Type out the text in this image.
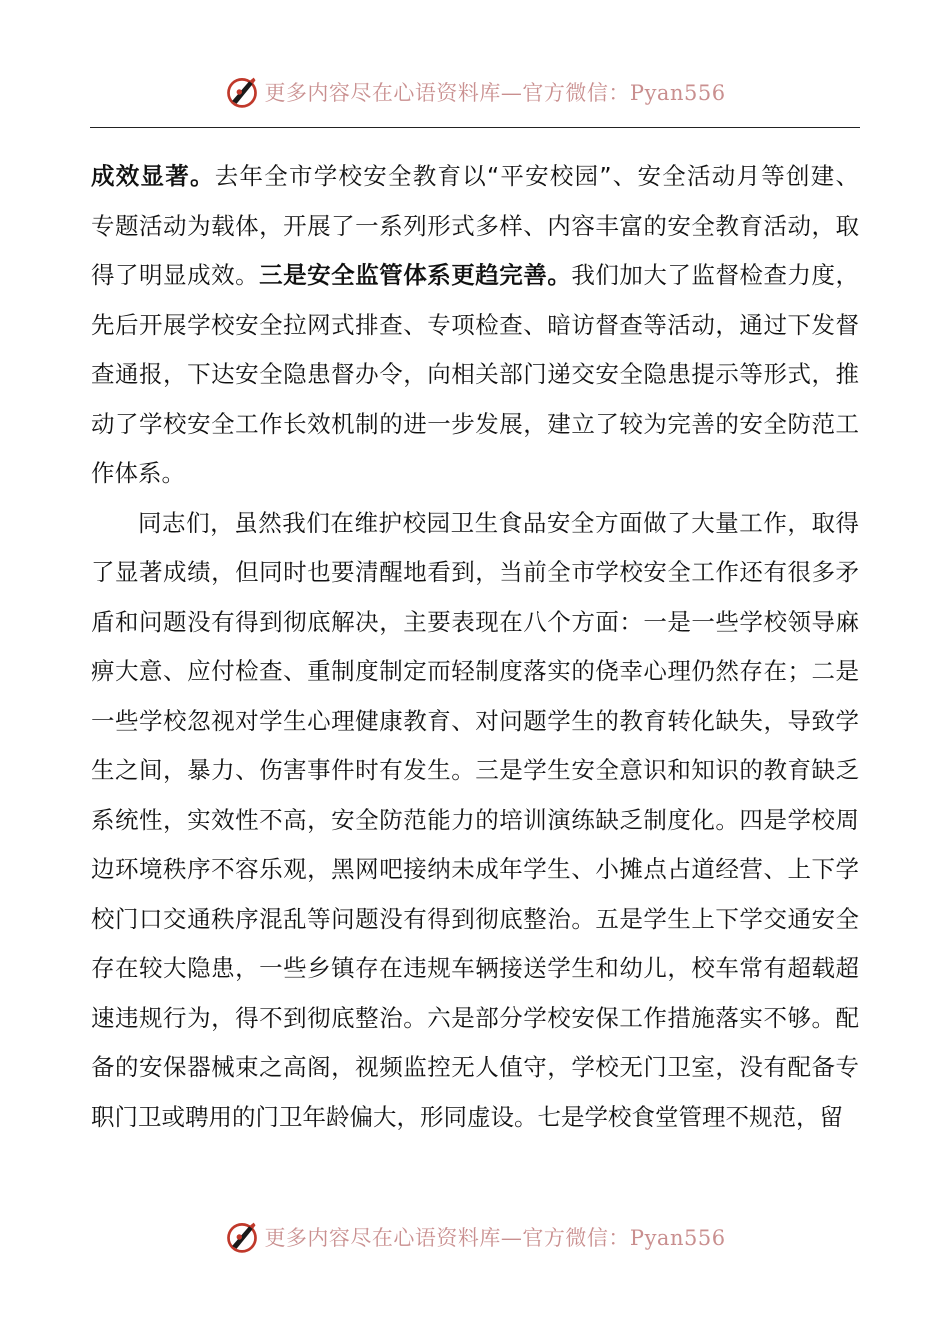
更多内容尽在心语资料库—官方微信：Pyan556
成效显著。去年全市学校安全教育以“平安校园”、安全活动月等创建、
专题活动为载体，开展了一系列形式多样、内容丰富的安全教育活动，取
得了明显成效。三是安全监管体系更趋完善。我们加大了监督检查力度，
先后开展学校安全拉网式排查、专项检查、暗访督查等活动，通过下发督
查通报，下达安全隐患督办令，向相关部门递交安全隐患提示等形式，推
动了学校安全工作长效机制的进一步发展，建立了较为完善的安全防范工
作体系。
同志们，虽然我们在维护校园卫生食品安全方面做了大量工作，取得
了显著成绩，但同时也要清醒地看到，当前全市学校安全工作还有很多矛
盾和问题没有得到彻底解决，主要表现在八个方面：一是一些学校领导麻
痹大意、应付检查、重制度制定而轻制度落实的侥幸心理仍然存在；二是
一些学校忽视对学生心理健康教育、对问题学生的教育转化缺失，导致学
生之间，暴力、伤害事件时有发生。三是学生安全意识和知识的教育缺乏
系统性，实效性不高，安全防范能力的培训演练缺乏制度化。四是学校周
边环境秩序不容乐观，黑网吧接纳未成年学生、小摊点占道经营、上下学
校门口交通秩序混乱等问题没有得到彻底整治。五是学生上下学交通安全
存在较大隐患，一些乡镇存在违规车辆接送学生和幼儿，校车常有超载超
速违规行为，得不到彻底整治。六是部分学校安保工作措施落实不够。配
备的安保器械束之高阁，视频监控无人值守，学校无门卫室，没有配备专
职门卫或聘用的门卫年龄偏大，形同虚设。七是学校食堂管理不规范，留
更多内容尽在心语资料库—官方微信：Pyan556
